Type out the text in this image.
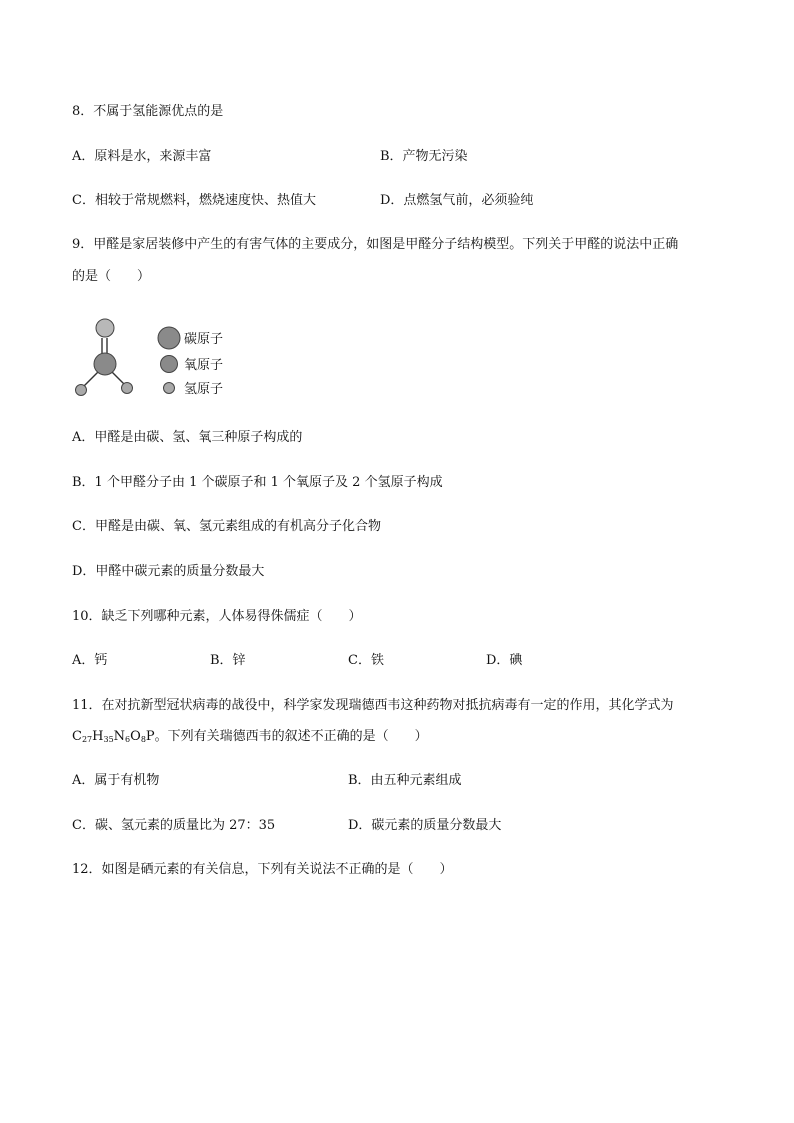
8．不属于氢能源优点的是
A．原料是水，来源丰富	B．产物无污染
C．相较于常规燃料，燃烧速度快、热值大	D．点燃氢气前，必须验纯
9．甲醛是家居装修中产生的有害气体的主要成分，如图是甲醛分子结构模型。下列关于甲醛的说法中正确
的是（　　）
碳原子
氧原子
氢原子
A．甲醛是由碳、氢、氧三种原子构成的
B．1 个甲醛分子由 1 个碳原子和 1 个氧原子及 2 个氢原子构成
C．甲醛是由碳、氧、氢元素组成的有机高分子化合物
D．甲醛中碳元素的质量分数最大
10．缺乏下列哪种元素，人体易得侏儒症（　　）
A．钙	B．锌	C．铁	D．碘
11．在对抗新型冠状病毒的战役中，科学家发现瑞德西韦这种药物对抵抗病毒有一定的作用，其化学式为
$C_{27}H_{35}N_6O_8P$。下列有关瑞德西韦的叙述不正确的是（　　）
A．属于有机物	B．由五种元素组成
C．碳、氢元素的质量比为 27：35	D．碳元素的质量分数最大
12．如图是硒元素的有关信息，下列有关说法不正确的是（　　）
